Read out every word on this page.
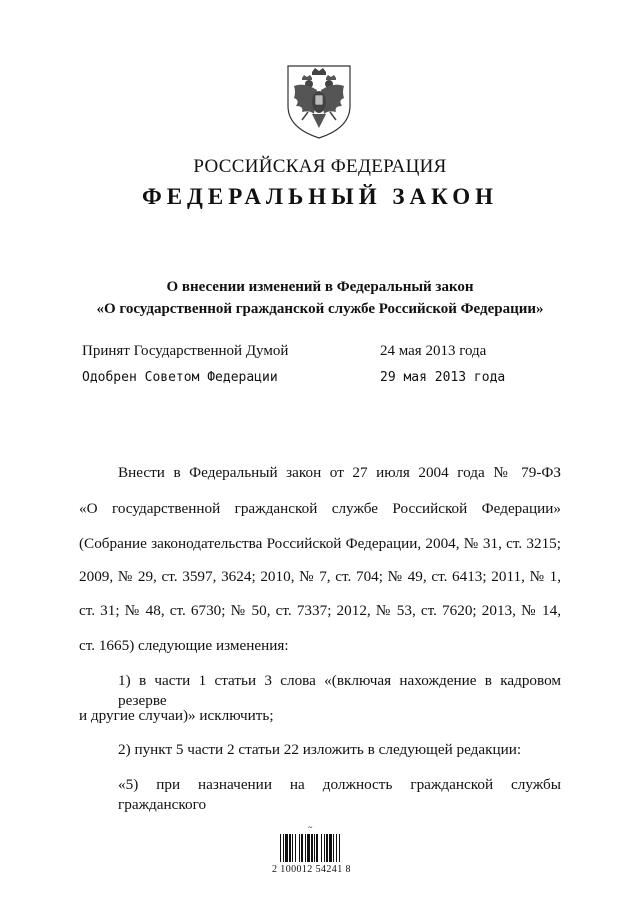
РОССИЙСКАЯ ФЕДЕРАЦИЯ
ФЕДЕРАЛЬНЫЙ ЗАКОН
О внесении изменений в Федеральный закон
«О государственной гражданской службе Российской Федерации»
Принят Государственной Думой	24 мая 2013 года
Одобрен Советом Федерации	29 мая 2013 года
Внести в Федеральный закон от 27 июля 2004 года № 79-ФЗ
«О государственной гражданской службе Российской Федерации»
(Собрание законодательства Российской Федерации, 2004, № 31, ст. 3215;
2009, № 29, ст. 3597, 3624; 2010, № 7, ст. 704; № 49, ст. 6413; 2011, № 1,
ст. 31; № 48, ст. 6730; № 50, ст. 7337; 2012, № 53, ст. 7620; 2013, № 14,
ст. 1665) следующие изменения:
1) в части 1 статьи 3 слова «(включая нахождение в кадровом резерве
и другие случаи)» исключить;
2) пункт 5 части 2 статьи 22 изложить в следующей редакции:
«5) при назначении на должность гражданской службы гражданского
~
2 100012 54241 8
